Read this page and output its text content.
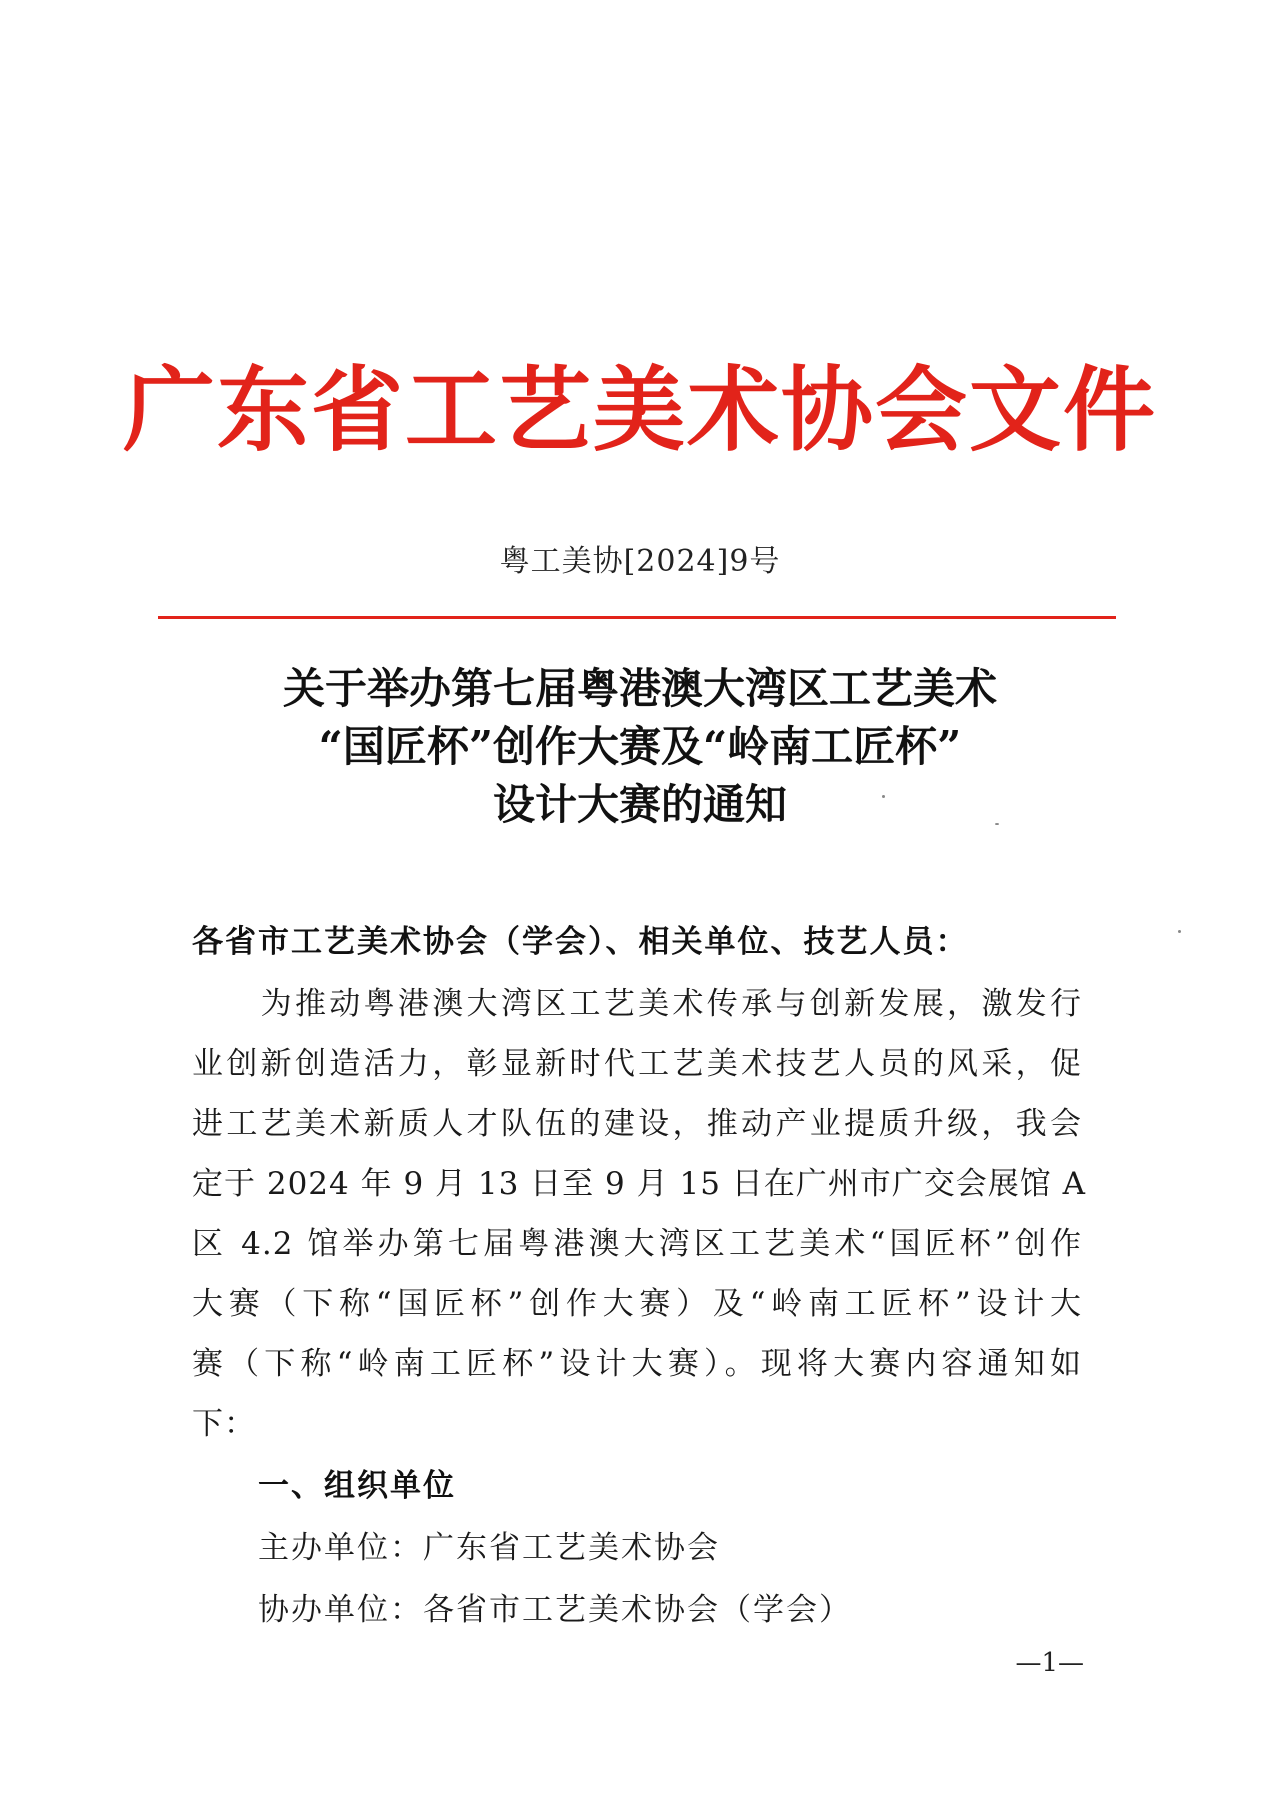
广东省工艺美术协会文件
粤工美协[2024]9号
关于举办第七届粤港澳大湾区工艺美术
“国匠杯”创作大赛及“岭南工匠杯”
设计大赛的通知
各省市工艺美术协会（学会）、相关单位、技艺人员：
　　为推动粤港澳大湾区工艺美术传承与创新发展，激发行
业创新创造活力，彰显新时代工艺美术技艺人员的风采，促
进工艺美术新质人才队伍的建设，推动产业提质升级，我会
定于 2024 年 9 月 13 日至 9 月 15 日在广州市广交会展馆 A
区 4.2 馆举办第七届粤港澳大湾区工艺美术“国匠杯”创作
大赛（下称“国匠杯”创作大赛）及“岭南工匠杯”设计大
赛（下称“岭南工匠杯”设计大赛）。现将大赛内容通知如
下：
一、组织单位
主办单位：广东省工艺美术协会
协办单位：各省市工艺美术协会（学会）
—1—
